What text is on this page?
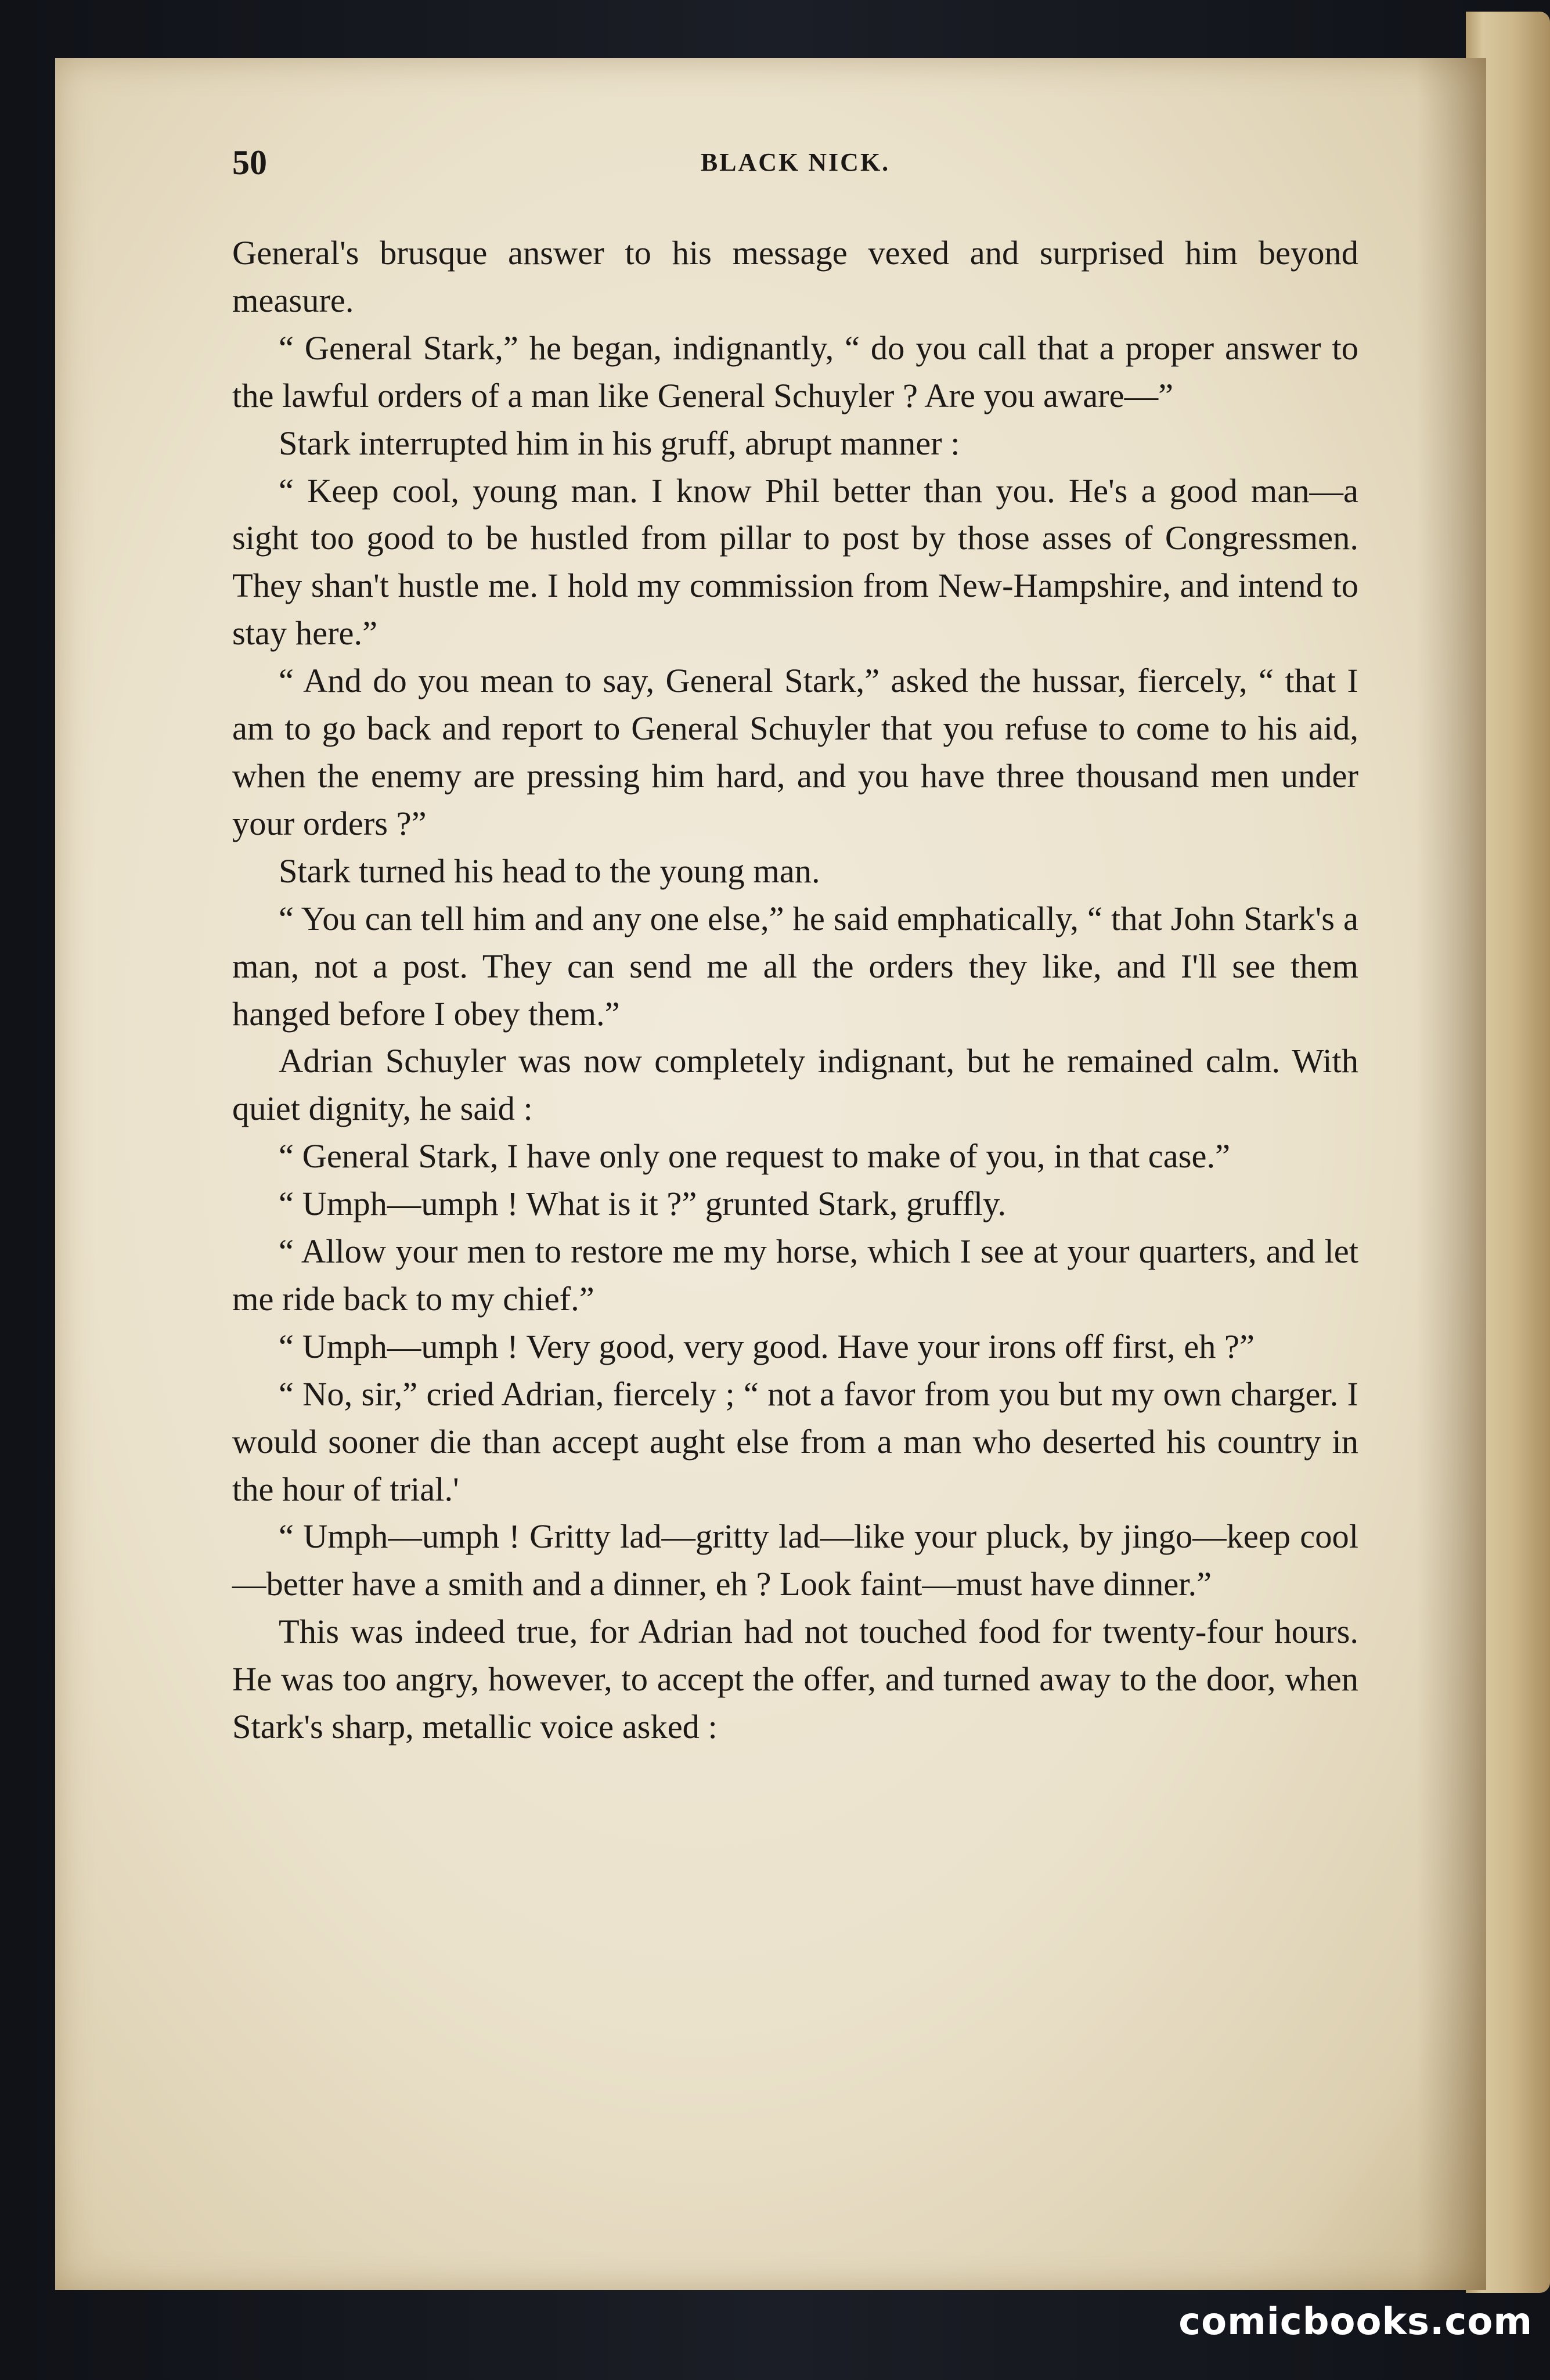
50	BLACK NICK.

General's brusque answer to his message vexed and surprised him beyond measure.

“ General Stark,” he began, indignantly, “ do you call that a proper answer to the lawful orders of a man like General Schuyler ? Are you aware—”

Stark interrupted him in his gruff, abrupt manner :

“ Keep cool, young man. I know Phil better than you. He's a good man—a sight too good to be hustled from pillar to post by those asses of Congressmen. They shan't hustle me. I hold my commission from New-Hampshire, and intend to stay here.”

“ And do you mean to say, General Stark,” asked the hussar, fiercely, “ that I am to go back and report to General Schuyler that you refuse to come to his aid, when the enemy are pressing him hard, and you have three thousand men under your orders ?”

Stark turned his head to the young man.

“ You can tell him and any one else,” he said emphatically, “ that John Stark's a man, not a post. They can send me all the orders they like, and I'll see them hanged before I obey them.”

Adrian Schuyler was now completely indignant, but he remained calm. With quiet dignity, he said :

“ General Stark, I have only one request to make of you, in that case.”

“ Umph—umph ! What is it ?” grunted Stark, gruffly.

“ Allow your men to restore me my horse, which I see at your quarters, and let me ride back to my chief.”

“ Umph—umph ! Very good, very good. Have your irons off first, eh ?”

“ No, sir,” cried Adrian, fiercely ; “ not a favor from you but my own charger. I would sooner die than accept aught else from a man who deserted his country in the hour of trial.'

“ Umph—umph ! Gritty lad—gritty lad—like your pluck, by jingo—keep cool—better have a smith and a dinner, eh ? Look faint—must have dinner.”

This was indeed true, for Adrian had not touched food for twenty-four hours. He was too angry, however, to accept the offer, and turned away to the door, when Stark's sharp, metallic voice asked :

comicbooks.com
